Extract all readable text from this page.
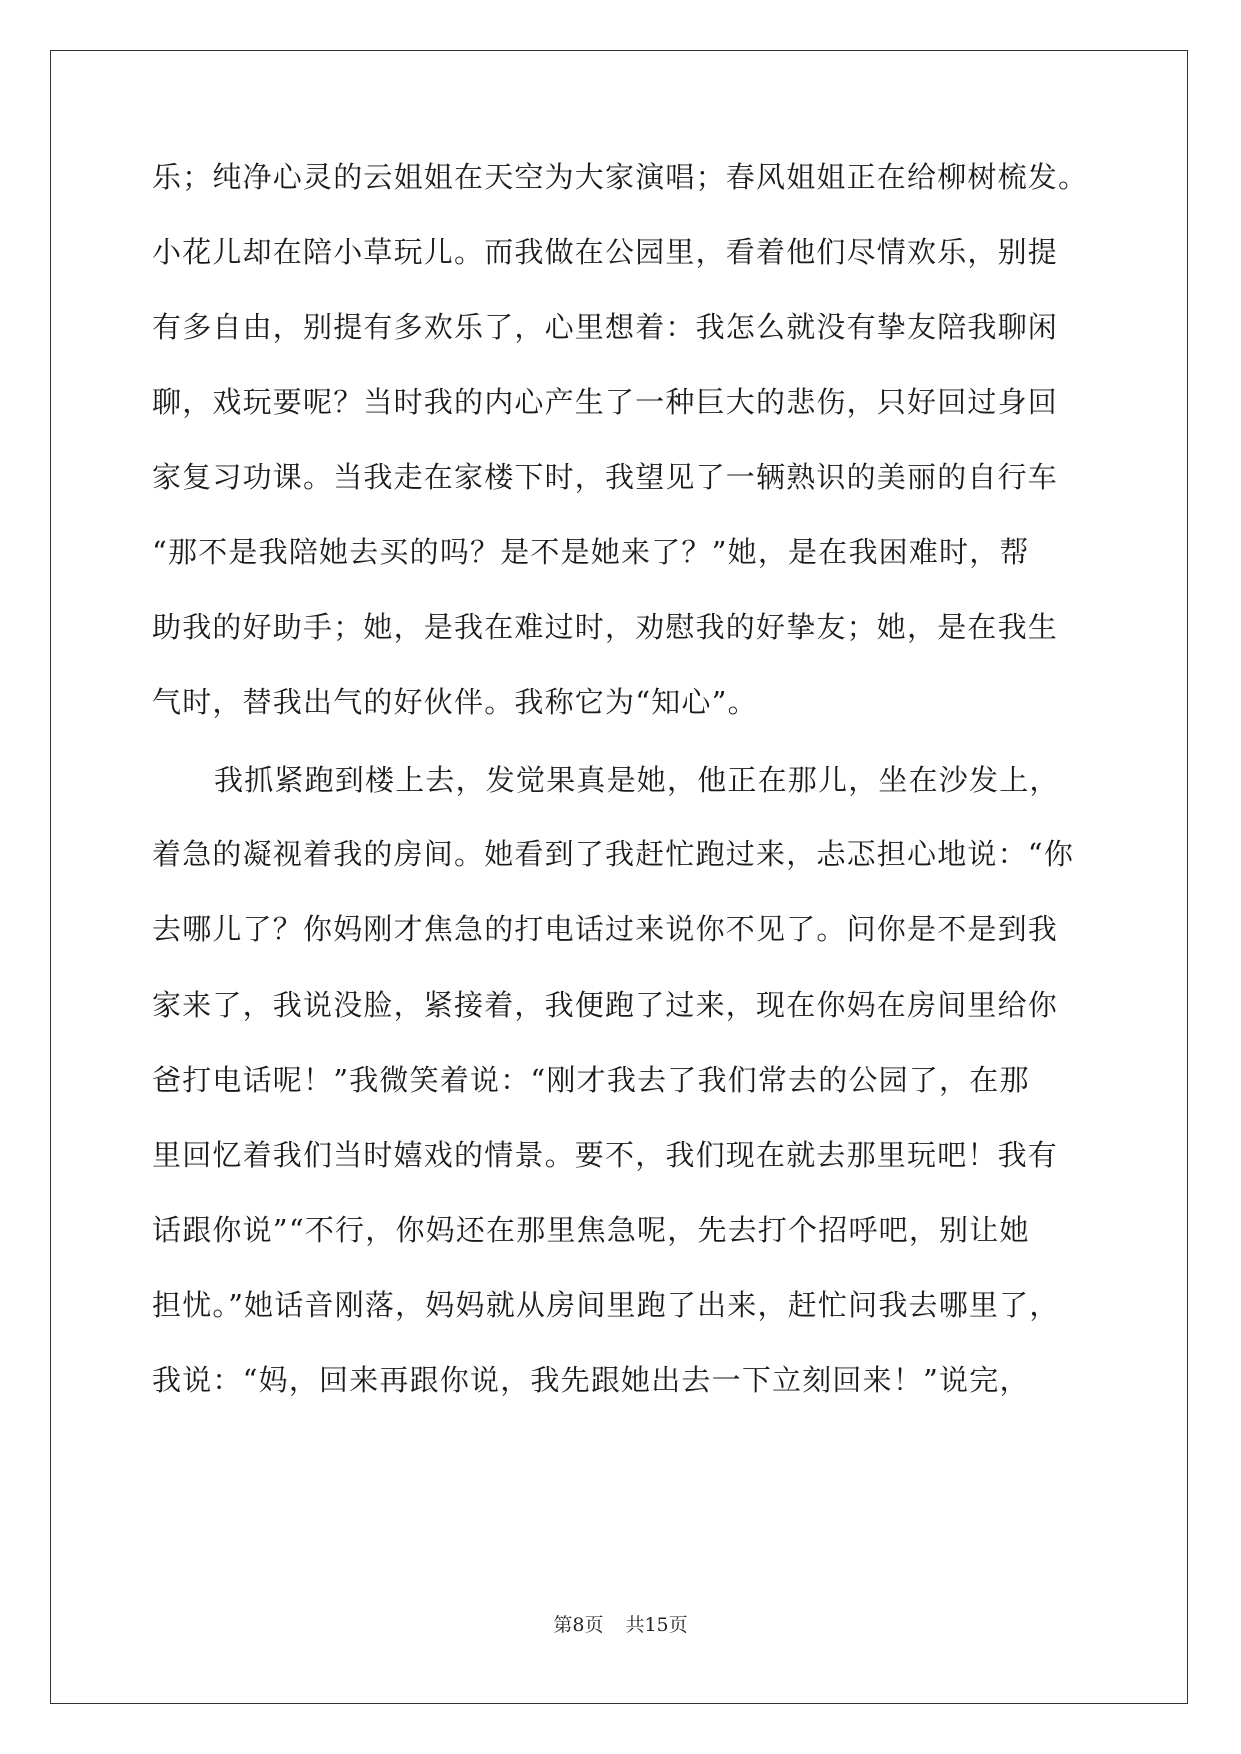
乐；纯净心灵的云姐姐在天空为大家演唱；春风姐姐正在给柳树梳发。
小花儿却在陪小草玩儿。而我做在公园里，看着他们尽情欢乐，别提
有多自由，别提有多欢乐了，心里想着：我怎么就没有挚友陪我聊闲
聊，戏玩要呢？当时我的内心产生了一种巨大的悲伤，只好回过身回
家复习功课。当我走在家楼下时，我望见了一辆熟识的美丽的自行车
“那不是我陪她去买的吗？是不是她来了？”她，是在我困难时，帮
助我的好助手；她，是我在难过时，劝慰我的好挚友；她，是在我生
气时，替我出气的好伙伴。我称它为“知心”。
我抓紧跑到楼上去，发觉果真是她，他正在那儿，坐在沙发上，
着急的凝视着我的房间。她看到了我赶忙跑过来，忐忑担心地说：“你
去哪儿了？你妈刚才焦急的打电话过来说你不见了。问你是不是到我
家来了，我说没脸，紧接着，我便跑了过来，现在你妈在房间里给你
爸打电话呢！”我微笑着说：“刚才我去了我们常去的公园了，在那
里回忆着我们当时嬉戏的情景。要不，我们现在就去那里玩吧！我有
话跟你说”“不行，你妈还在那里焦急呢，先去打个招呼吧，别让她
担忧。”她话音刚落，妈妈就从房间里跑了出来，赶忙问我去哪里了，
我说：“妈，回来再跟你说，我先跟她出去一下立刻回来！”说完，
第8页 共15页
